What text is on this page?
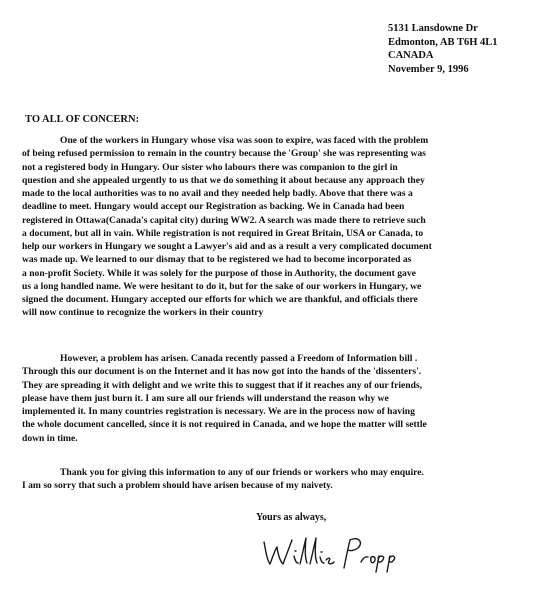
5131 Lansdowne Dr
Edmonton, AB T6H 4L1
CANADA
November 9, 1996
TO ALL OF CONCERN:
One of the workers in Hungary whose visa was soon to expire, was faced with the problem
of being refused permission to remain in the country because the 'Group' she was representing was
not a registered body in Hungary. Our sister who labours there was companion to the girl in
question and she appealed urgently to us that we do something it about because any approach they
made to the local authorities was to no avail and they needed help badly. Above that there was a
deadline to meet. Hungary would accept our Registration as backing. We in Canada had been
registered in Ottawa(Canada's capital city) during WW2. A search was made there to retrieve such
a document, but all in vain. While registration is not required in Great Britain, USA or Canada, to
help our workers in Hungary we sought a Lawyer's aid and as a result a very complicated document
was made up. We learned to our dismay that to be registered we had to become incorporated as
a non-profit Society. While it was solely for the purpose of those in Authority, the document gave
us a long handled name. We were hesitant to do it, but for the sake of our workers in Hungary, we
signed the document. Hungary accepted our efforts for which we are thankful, and officials there
will now continue to recognize the workers in their country
However, a problem has arisen. Canada recently passed a Freedom of Information bill .
Through this our document is on the Internet and it has now got into the hands of the 'dissenters'.
They are spreading it with delight and we write this to suggest that if it reaches any of our friends,
please have them just burn it. I am sure all our friends will understand the reason why we
implemented it. In many countries registration is necessary. We are in the process now of having
the whole document cancelled, since it is not required in Canada, and we hope the matter will settle
down in time.
Thank you for giving this information to any of our friends or workers who may enquire.
I am so sorry that such a problem should have arisen because of my naivety.
Yours as always,
